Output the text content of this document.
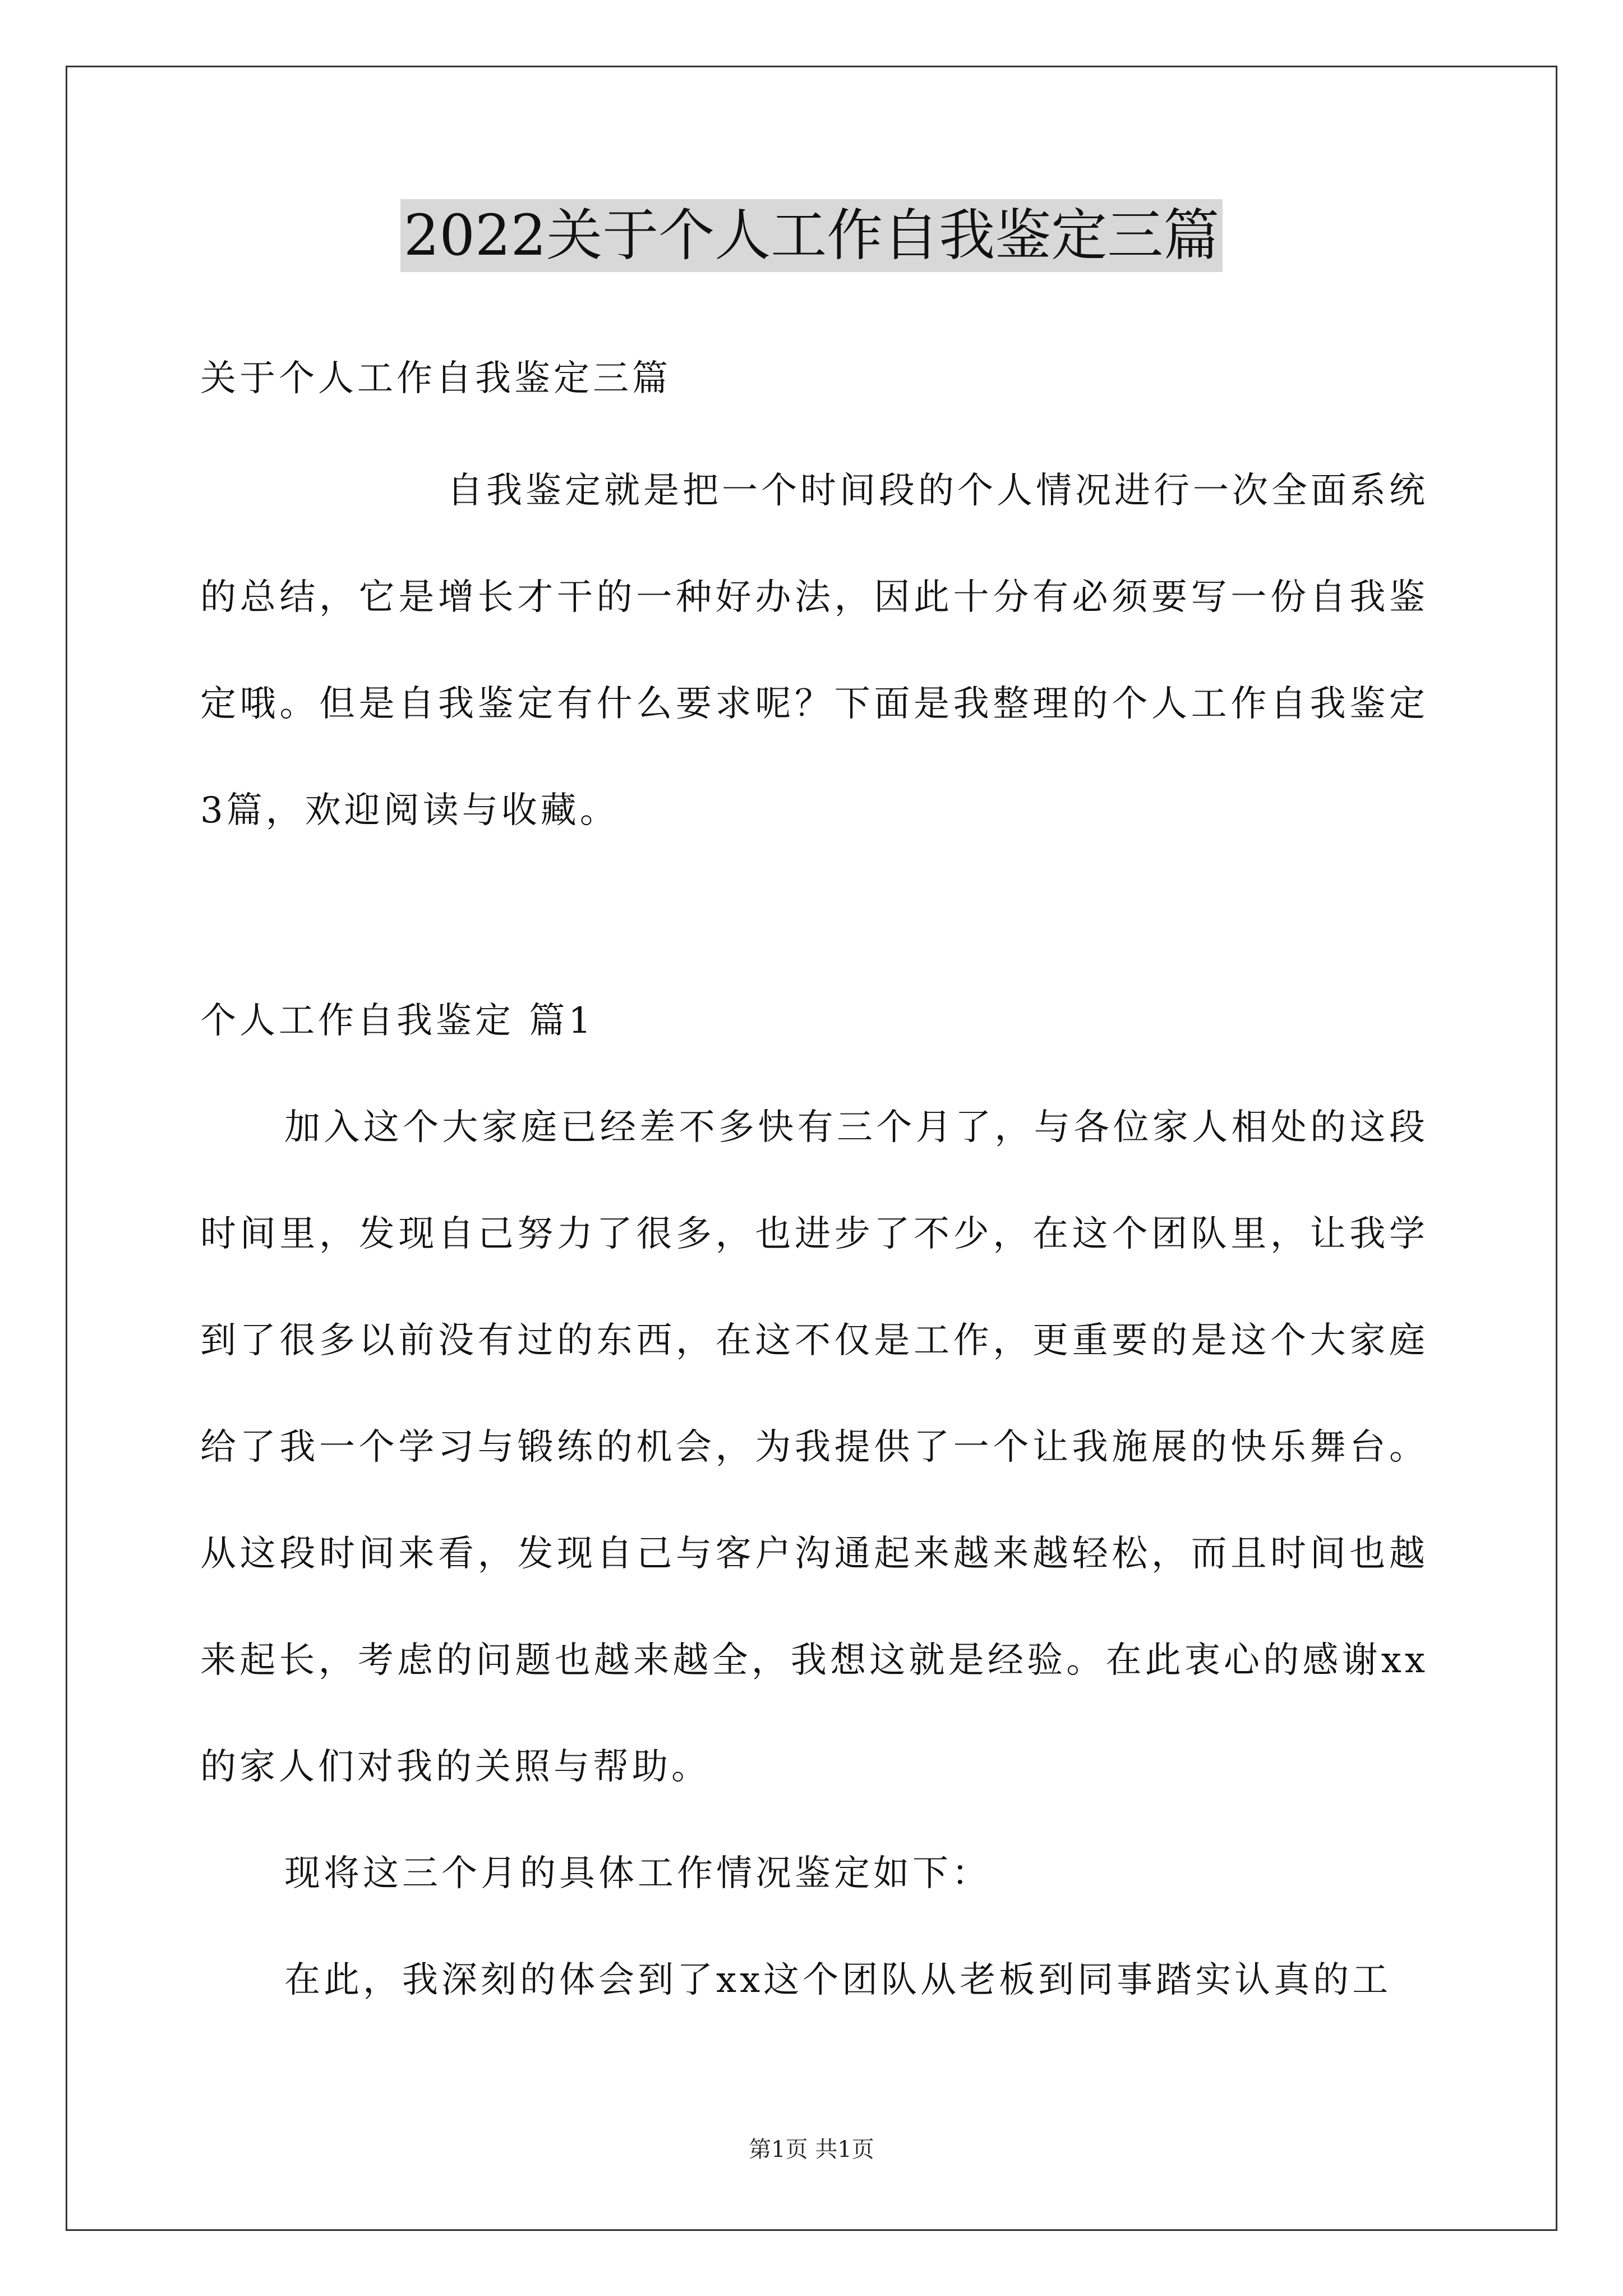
2022关于个人工作自我鉴定三篇

关于个人工作自我鉴定三篇

自我鉴定就是把一个时间段的个人情况进行一次全面系统的总结，它是增长才干的一种好办法，因此十分有必须要写一份自我鉴定哦。但是自我鉴定有什么要求呢？下面是我整理的个人工作自我鉴定3篇，欢迎阅读与收藏。

个人工作自我鉴定 篇1

加入这个大家庭已经差不多快有三个月了，与各位家人相处的这段时间里，发现自己努力了很多，也进步了不少，在这个团队里，让我学到了很多以前没有过的东西，在这不仅是工作，更重要的是这个大家庭给了我一个学习与锻练的机会，为我提供了一个让我施展的快乐舞台。从这段时间来看，发现自己与客户沟通起来越来越轻松，而且时间也越来起长，考虑的问题也越来越全，我想这就是经验。在此衷心的感谢xx的家人们对我的关照与帮助。

现将这三个月的具体工作情况鉴定如下：

在此，我深刻的体会到了xx这个团队从老板到同事踏实认真的工

第1页 共1页
